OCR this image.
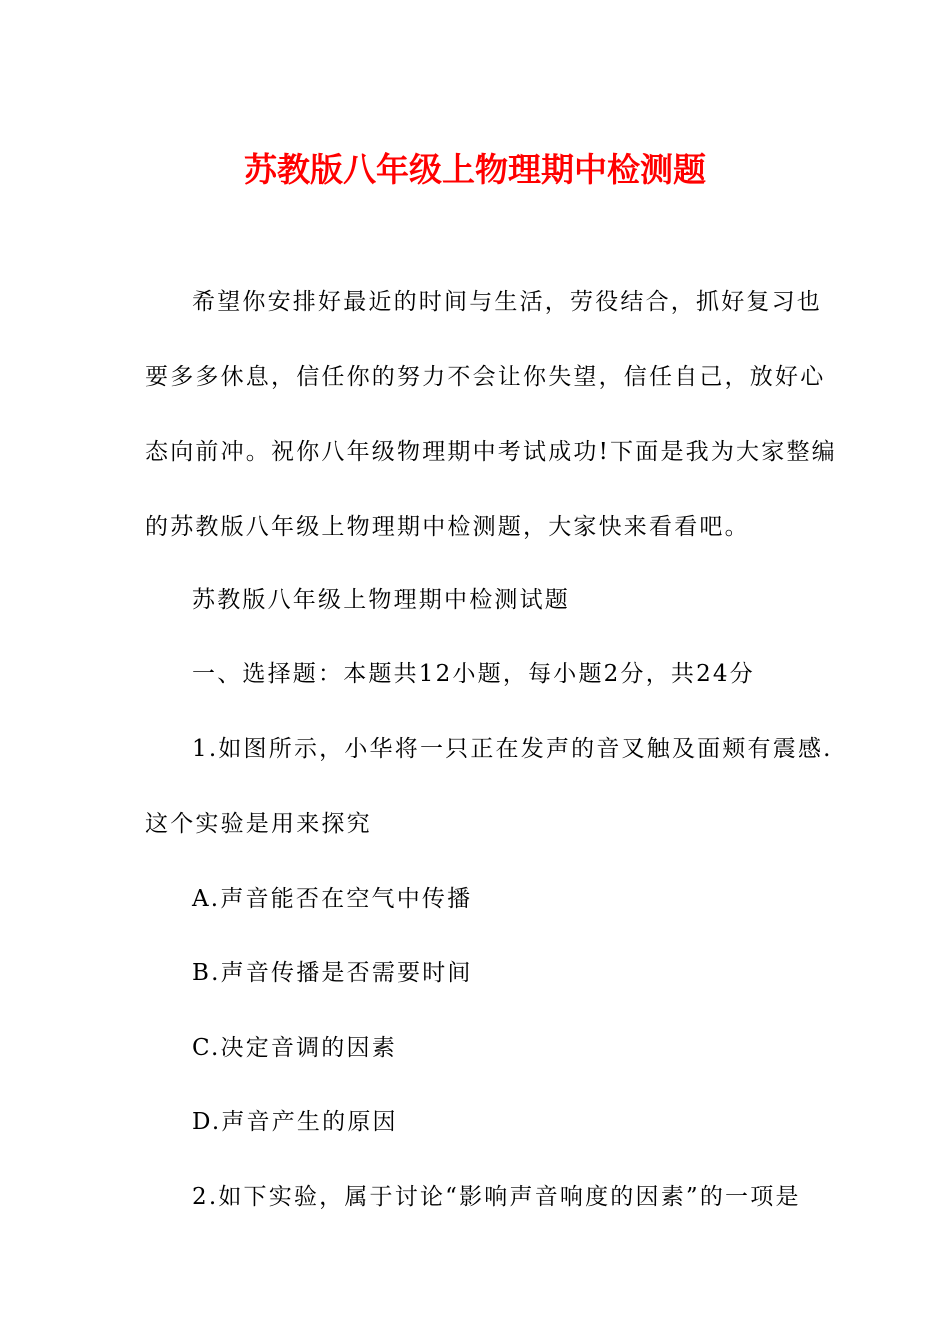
苏教版八年级上物理期中检测题
希望你安排好最近的时间与生活，劳役结合，抓好复习也
要多多休息，信任你的努力不会让你失望，信任自己，放好心
态向前冲。祝你八年级物理期中考试成功!下面是我为大家整编
的苏教版八年级上物理期中检测题，大家快来看看吧。
苏教版八年级上物理期中检测试题
一、选择题：本题共12小题，每小题2分，共24分
1.如图所示，小华将一只正在发声的音叉触及面颊有震感.
这个实验是用来探究
A.声音能否在空气中传播
B.声音传播是否需要时间
C.决定音调的因素
D.声音产生的原因
2.如下实验，属于讨论“影响声音响度的因素”的一项是
